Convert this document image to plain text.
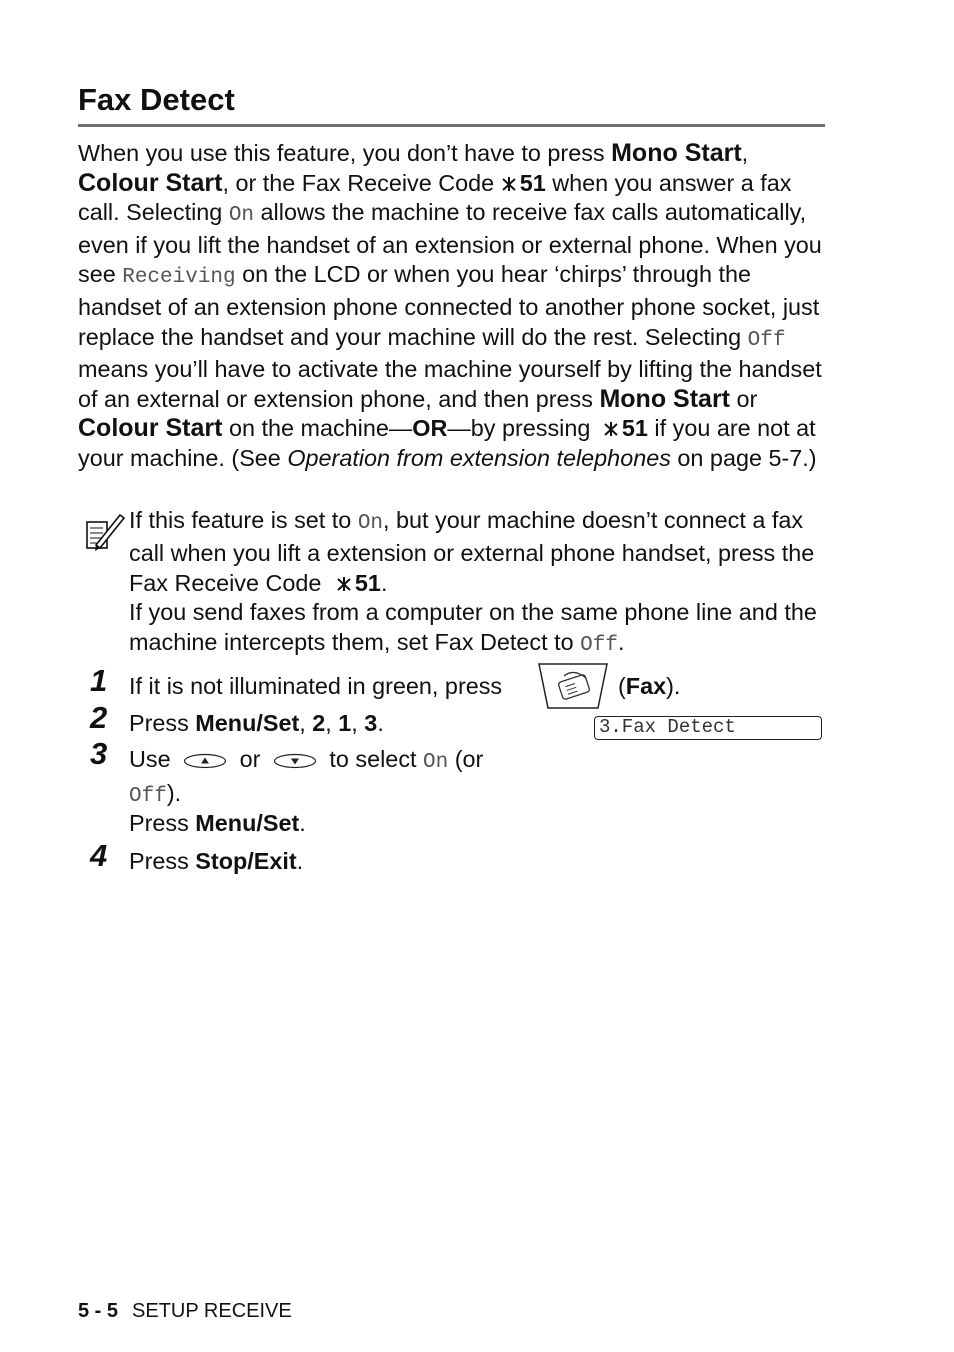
Fax Detect

When you use this feature, you don’t have to press Mono Start, Colour Start, or the Fax Receive Code 51 when you answer a fax call. Selecting On allows the machine to receive fax calls automatically, even if you lift the handset of an extension or external phone. When you see Receiving on the LCD or when you hear ‘chirps’ through the handset of an extension phone connected to another phone socket, just replace the handset and your machine will do the rest. Selecting Off means you’ll have to activate the machine yourself by lifting the handset of an external or extension phone, and then press Mono Start or Colour Start on the machine—OR—by pressing 51 if you are not at your machine. (See Operation from extension telephones on page 5-7.)

If this feature is set to On, but your machine doesn’t connect a fax call when you lift a extension or external phone handset, press the Fax Receive Code 51.

If you send faxes from a computer on the same phone line and the machine intercepts them, set Fax Detect to Off.

1 If it is not illuminated in green, press	(Fax).
3.Fax Detect
2 Press Menu/Set, 2, 1, 3.
3 Use  or  to select On (or Off).
Press Menu/Set.
4 Press Stop/Exit.
5 - 5 SETUP RECEIVE
